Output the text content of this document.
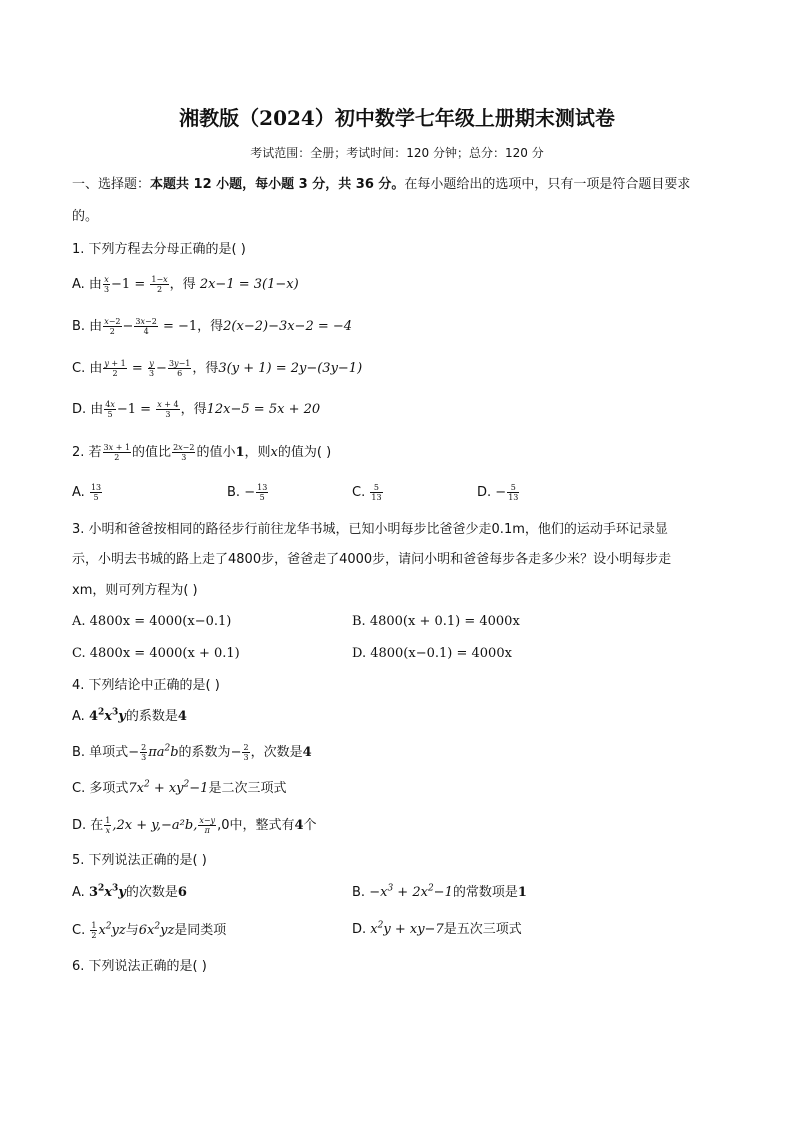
湘教版（2024）初中数学七年级上册期末测试卷
考试范围：全册；考试时间：120 分钟；总分：120 分
一、选择题：本题共 12 小题，每小题 3 分，共 36 分。在每小题给出的选项中，只有一项是符合题目要求
的。
1. 下列方程去分母正确的是( )
A. 由 $\frac{x}{3} -1 = \frac{1-x}{2}$ ，得 2x−1 = 3(1−x)
B. 由 $\frac{x-2}{2} - \frac{3x-2}{4} = -1$，得2(x−2)−3x−2 = −4
C. 由 $\frac{y + 1}{2} = \frac{y}{3} - \frac{3y-1}{6}$ ，得3(y + 1) = 2y−(3y−1)
D. 由 $\frac{4x}{5} -1 = \frac{x + 4}{3}$ ，得12x−5 = 5x + 20
2. 若 $\frac{3x + 1}{2}$ 的值比 $\frac{2x-2}{3}$ 的值小1，则x的值为( )
A. $\frac{13}{5}$	B. − $\frac{13}{5}$	C. $\frac{5}{13}$	D. − $\frac{5}{13}$
3. 小明和爸爸按相同的路径步行前往龙华书城，已知小明每步比爸爸少走0.1m，他们的运动手环记录显
示，小明去书城的路上走了4800步，爸爸走了4000步，请问小明和爸爸每步各走多少米？设小明每步走
xm，则可列方程为( )
A. 4800x = 4000(x−0.1)	B. 4800(x + 0.1) = 4000x
C. 4800x = 4000(x + 0.1)	D. 4800(x−0.1) = 4000x
4. 下列结论中正确的是( )
A. $4^2x^3y$的系数是4
B. 单项式− $\frac{2}{3} \pi a^2b$的系数为− $\frac{2}{3}$ ，次数是4
C. 多项式$7x^2 + xy^2-1$是二次三项式
D. 在 $\frac{1}{x} ,2x + y,-a^2b$, $\frac{x-y}{\pi} ,0$中，整式有4个
5. 下列说法正确的是( )
A. $3^2x^3y$的次数是6	B. $-x^3 + 2x^2-1$的常数项是1
C. $\frac{1}{2} x^2yz$与$6x^2yz$是同类项	D. $x^2y + xy-7$是五次三项式
6. 下列说法正确的是( )
